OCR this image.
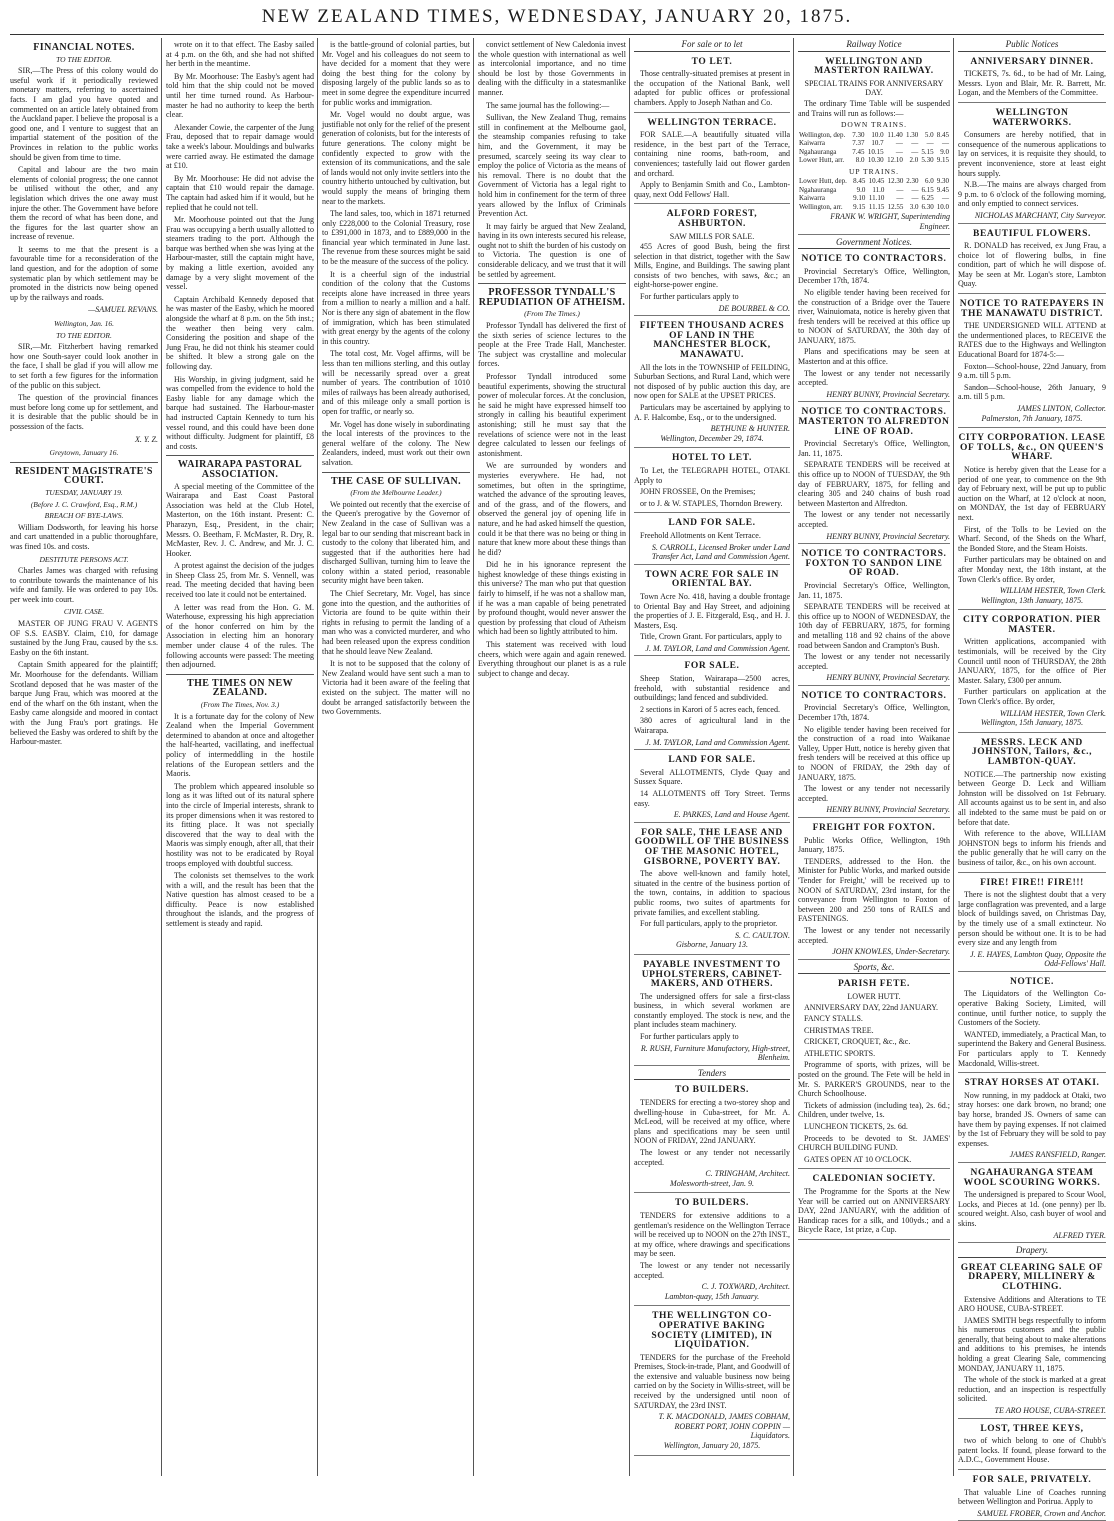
NEW ZEALAND TIMES, WEDNESDAY, JANUARY 20, 1875.
FINANCIAL NOTES.
TO THE EDITOR.

SIR,—The Press of this colony would do useful work if it periodically reviewed monetary matters, referring to ascertained facts. I am glad you have quoted and commented on an article lately obtained from the Auckland paper. I believe the proposal is a good one, and I venture to suggest that an impartial statement of the position of the Provinces in relation to the public works should be given from time to time.

Capital and labour are the two main elements of colonial progress; the one cannot be utilised without the other, and any legislation which drives the one away must injure the other. The Government have before them the record of what has been done, and the figures for the last quarter show an increase of revenue.

It seems to me that the present is a favourable time for a reconsideration of the land question, and for the adoption of some systematic plan by which settlement may be promoted in the districts now being opened up by the railways and roads.

—SAMUEL REVANS.
Wellington, Jan. 16.
TO THE EDITOR.

SIR,—Mr. Fitzherbert having remarked how one South-sayer could look another in the face, I shall be glad if you will allow me to set forth a few figures for the information of the public on this subject.

The question of the provincial finances must before long come up for settlement, and it is desirable that the public should be in possession of the facts.

X. Y. Z.
Greytown, January 16.
RESIDENT MAGISTRATE'S COURT.
TUESDAY, JANUARY 19.
(Before J. C. Crawford, Esq., R.M.)
BREACH OF BYE-LAWS.

William Dodsworth, for leaving his horse and cart unattended in a public thoroughfare, was fined 10s. and costs.

DESTITUTE PERSONS ACT.

Charles James was charged with refusing to contribute towards the maintenance of his wife and family. He was ordered to pay 10s. per week into court.

CIVIL CASE.

MASTER OF JUNG FRAU V. AGENTS OF S.S. EASBY. Claim, £10, for damage sustained by the Jung Frau, caused by the s.s. Easby on the 6th instant.

Captain Smith appeared for the plaintiff; Mr. Moorhouse for the defendants. William Scotland deposed that he was master of the barque Jung Frau, which was moored at the end of the wharf on the 6th instant, when the Easby came alongside and moored in contact with the Jung Frau's port gratings. He believed the Easby was ordered to shift by the Harbour-master.

wrote on it to that effect. The Easby sailed at 4 p.m. on the 6th, and she had not shifted her berth in the meantime.

By Mr. Moorhouse: The Easby's agent had told him that the ship could not be moved until her time turned round. As Harbour-master he had no authority to keep the berth clear.

Alexander Cowie, the carpenter of the Jung Frau, deposed that to repair damage would take a week's labour. Mouldings and bulwarks were carried away. He estimated the damage at £10.

By Mr. Moorhouse: He did not advise the captain that £10 would repair the damage. The captain had asked him if it would, but he replied that he could not tell.

Mr. Moorhouse pointed out that the Jung Frau was occupying a berth usually allotted to steamers trading to the port. Although the barque was berthed when she was lying at the Harbour-master, still the captain might have, by making a little exertion, avoided any damage by a very slight movement of the vessel.

Captain Archibald Kennedy deposed that he was master of the Easby, which he moored alongside the wharf at 8 p.m. on the 5th inst.; the weather then being very calm. Considering the position and shape of the Jung Frau, he did not think his steamer could be shifted. It blew a strong gale on the following day.

His Worship, in giving judgment, said he was compelled from the evidence to hold the Easby liable for any damage which the barque had sustained. The Harbour-master had instructed Captain Kennedy to turn his vessel round, and this could have been done without difficulty. Judgment for plaintiff, £8 and costs.

WAIRARAPA PASTORAL ASSOCIATION.

A special meeting of the Committee of the Wairarapa and East Coast Pastoral Association was held at the Club Hotel, Masterton, on the 16th instant. Present: C. Pharazyn, Esq., President, in the chair; Messrs. O. Beetham, F. McMaster, R. Dry, R. McMaster, Rev. J. C. Andrew, and Mr. J. C. Hooker.

A protest against the decision of the judges in Sheep Class 25, from Mr. S. Vennell, was read. The meeting decided that having been received too late it could not be entertained.

A letter was read from the Hon. G. M. Waterhouse, expressing his high appreciation of the honor conferred on him by the Association in electing him an honorary member under clause 4 of the rules. The following accounts were passed: The meeting then adjourned.

THE TIMES ON NEW ZEALAND.
(From The Times, Nov. 3.)

It is a fortunate day for the colony of New Zealand when the Imperial Government determined to abandon at once and altogether the half-hearted, vacillating, and ineffectual policy of intermeddling in the hostile relations of the European settlers and the Maoris.

The problem which appeared insoluble so long as it was lifted out of its natural sphere into the circle of Imperial interests, shrank to its proper dimensions when it was restored to its fitting place. It was not specially discovered that the way to deal with the Maoris was simply enough, after all, that their hostility was not to be eradicated by Royal troops employed with doubtful success.

The colonists set themselves to the work with a will, and the result has been that the Native question has almost ceased to be a difficulty. Peace is now established throughout the islands, and the progress of settlement is steady and rapid.

is the battle-ground of colonial parties, but Mr. Vogel and his colleagues do not seem to have decided for a moment that they were doing the best thing for the colony by disposing largely of the public lands so as to meet in some degree the expenditure incurred for public works and immigration.

Mr. Vogel would no doubt argue, was justifiable not only for the relief of the present generation of colonists, but for the interests of future generations. The colony might be confidently expected to grow with the extension of its communications, and the sale of lands would not only invite settlers into the country hitherto untouched by cultivation, but would supply the means of bringing them near to the markets.

The land sales, too, which in 1871 returned only £228,000 to the Colonial Treasury, rose to £391,000 in 1873, and to £889,000 in the financial year which terminated in June last. The revenue from these sources might be said to be the measure of the success of the policy.

It is a cheerful sign of the industrial condition of the colony that the Customs receipts alone have increased in three years from a million to nearly a million and a half. Nor is there any sign of abatement in the flow of immigration, which has been stimulated with great energy by the agents of the colony in this country.

The total cost, Mr. Vogel affirms, will be less than ten millions sterling, and this outlay will be necessarily spread over a great number of years. The contribution of 1010 miles of railways has been already authorised, and of this mileage only a small portion is open for traffic, or nearly so.

Mr. Vogel has done wisely in subordinating the local interests of the provinces to the general welfare of the colony. The New Zealanders, indeed, must work out their own salvation.

THE CASE OF SULLIVAN.
(From the Melbourne Leader.)

We pointed out recently that the exercise of the Queen's prerogative by the Governor of New Zealand in the case of Sullivan was a legal bar to our sending that miscreant back in custody to the colony that liberated him, and suggested that if the authorities here had discharged Sullivan, turning him to leave the colony within a stated period, reasonable security might have been taken.

The Chief Secretary, Mr. Vogel, has since gone into the question, and the authorities of Victoria are found to be quite within their rights in refusing to permit the landing of a man who was a convicted murderer, and who had been released upon the express condition that he should leave New Zealand.

It is not to be supposed that the colony of New Zealand would have sent such a man to Victoria had it been aware of the feeling that existed on the subject. The matter will no doubt be arranged satisfactorily between the two Governments.

convict settlement of New Caledonia invest the whole question with international as well as intercolonial importance, and no time should be lost by those Governments in dealing with the difficulty in a statesmanlike manner.

The same journal has the following:—

Sullivan, the New Zealand Thug, remains still in confinement at the Melbourne gaol, the steamship companies refusing to take him, and the Government, it may be presumed, scarcely seeing its way clear to employ the police of Victoria as the means of his removal. There is no doubt that the Government of Victoria has a legal right to hold him in confinement for the term of three years allowed by the Influx of Criminals Prevention Act.

It may fairly be argued that New Zealand, having in its own interests secured his release, ought not to shift the burden of his custody on to Victoria. The question is one of considerable delicacy, and we trust that it will be settled by agreement.

PROFESSOR TYNDALL'S REPUDIATION OF ATHEISM.
(From The Times.)

Professor Tyndall has delivered the first of the sixth series of science lectures to the people at the Free Trade Hall, Manchester. The subject was crystalline and molecular forces.

Professor Tyndall introduced some beautiful experiments, showing the structural power of molecular forces. At the conclusion, he said he might have expressed himself too strongly in calling his beautiful experiment astonishing; still he must say that the revelations of science were not in the least degree calculated to lessen our feelings of astonishment.

We are surrounded by wonders and mysteries everywhere. He had, not sometimes, but often in the springtime, watched the advance of the sprouting leaves, and of the grass, and of the flowers, and observed the general joy of opening life in nature, and he had asked himself the question, could it be that there was no being or thing in nature that knew more about these things than he did?

Did he in his ignorance represent the highest knowledge of these things existing in this universe? The man who put that question fairly to himself, if he was not a shallow man, if he was a man capable of being penetrated by profound thought, would never answer the question by professing that cloud of Atheism which had been so lightly attributed to him.

This statement was received with loud cheers, which were again and again renewed. Everything throughout our planet is as a rule subject to change and decay.

For sale or to let
TO LET.

Those centrally-situated premises at present in the occupation of the National Bank, well adapted for public offices or professional chambers. Apply to Joseph Nathan and Co.

WELLINGTON TERRACE.

FOR SALE.—A beautifully situated villa residence, in the best part of the Terrace, containing nine rooms, bath-room, and conveniences; tastefully laid out flower garden and orchard.

Apply to Benjamin Smith and Co., Lambton-quay, next Odd Fellows' Hall.

ALFORD FOREST, ASHBURTON.
SAW MILLS FOR SALE.

455 Acres of good Bush, being the first selection in that district, together with the Saw Mills, Engine, and Buildings. The sawing plant consists of two benches, with saws, &c.; an eight-horse-power engine.

For further particulars apply to

DE BOURBEL & CO.
FIFTEEN THOUSAND ACRES OF LAND IN THE MANCHESTER BLOCK, MANAWATU.

All the lots in the TOWNSHIP of FEILDING, Suburban Sections, and Rural Land, which were not disposed of by public auction this day, are now open for SALE at the UPSET PRICES.

Particulars may be ascertained by applying to A. F. Halcombe, Esq., or to the undersigned.

BETHUNE & HUNTER.
Wellington, December 29, 1874.
HOTEL TO LET.

To Let, the TELEGRAPH HOTEL, OTAKI. Apply to

JOHN FROSSEE, On the Premises;

or to J. & W. STAPLES, Thorndon Brewery.

LAND FOR SALE.

Freehold Allotments on Kent Terrace.

S. CARROLL, Licensed Broker under Land Transfer Act, Land and Commission Agent.
TOWN ACRE FOR SALE IN ORIENTAL BAY.

Town Acre No. 418, having a double frontage to Oriental Bay and Hay Street, and adjoining the properties of J. E. Fitzgerald, Esq., and H. J. Masters, Esq.

Title, Crown Grant. For particulars, apply to

J. M. TAYLOR, Land and Commission Agent.
FOR SALE.

Sheep Station, Wairarapa—2500 acres, freehold, with substantial residence and outbuildings; land fenced and subdivided.

2 sections in Karori of 5 acres each, fenced.

380 acres of agricultural land in the Wairarapa.

J. M. TAYLOR, Land and Commission Agent.
LAND FOR SALE.

Several ALLOTMENTS, Clyde Quay and Sussex Square.

14 ALLOTMENTS off Tory Street. Terms easy.

E. PARKES, Land and House Agent.
FOR SALE, THE LEASE AND GOODWILL OF THE BUSINESS OF THE MASONIC HOTEL, GISBORNE, POVERTY BAY.

The above well-known and family hotel, situated in the centre of the business portion of the town, contains, in addition to spacious public rooms, two suites of apartments for private families, and excellent stabling.

For full particulars, apply to the proprietor.

S. C. CAULTON.
Gisborne, January 13.
PAYABLE INVESTMENT TO UPHOLSTERERS, CABINET-MAKERS, AND OTHERS.

The undersigned offers for sale a first-class business, in which several workmen are constantly employed. The stock is new, and the plant includes steam machinery.

For further particulars apply to

R. RUSH, Furniture Manufactory, High-street, Blenheim.
Tenders
TO BUILDERS.

TENDERS for erecting a two-storey shop and dwelling-house in Cuba-street, for Mr. A. McLeod, will be received at my office, where plans and specifications may be seen until NOON of FRIDAY, 22nd JANUARY.

The lowest or any tender not necessarily accepted.

C. TRINGHAM, Architect.
Molesworth-street, Jan. 9.
TO BUILDERS.

TENDERS for extensive additions to a gentleman's residence on the Wellington Terrace will be received up to NOON on the 27th INST., at my office, where drawings and specifications may be seen.

The lowest or any tender not necessarily accepted.

C. J. TOXWARD, Architect.
Lambton-quay, 15th January.
THE WELLINGTON CO-OPERATIVE BAKING SOCIETY (LIMITED), IN LIQUIDATION.

TENDERS for the purchase of the Freehold Premises, Stock-in-trade, Plant, and Goodwill of the extensive and valuable business now being carried on by the Society in Willis-street, will be received by the undersigned until noon of SATURDAY, the 23rd INST.

T. K. MACDONALD, JAMES COBHAM, ROBERT PORT, JOHN COPPIN — Liquidators.
Wellington, January 20, 1875.
Railway Notice
WELLINGTON AND MASTERTON RAILWAY.
SPECIAL TRAINS FOR ANNIVERSARY DAY.

The ordinary Time Table will be suspended and Trains will run as follows:—

DOWN TRAINS.
Wellington, dep.	7.30	10.0	11.40	1.30	5.0	8.45
Kaiwarra	7.37	10.7	—	—	—	—
Ngahauranga	7.45	10.15	—	—	5.15	9.0
Lower Hutt, arr.	8.0	10.30	12.10	2.0	5.30	9.15
UP TRAINS.
Lower Hutt, dep.	8.45	10.45	12.30	2.30	6.0	9.30
Ngahauranga	9.0	11.0	—	—	6.15	9.45
Kaiwarra	9.10	11.10	—	—	6.25	—
Wellington, arr.	9.15	11.15	12.55	3.0	6.30	10.0
FRANK W. WRIGHT, Superintending Engineer.
Government Notices.
NOTICE TO CONTRACTORS.

Provincial Secretary's Office, Wellington, December 17th, 1874.

No eligible tender having been received for the construction of a Bridge over the Tauere river, Wainuiomata, notice is hereby given that fresh tenders will be received at this office up to NOON of SATURDAY, the 30th day of JANUARY, 1875.

Plans and specifications may be seen at Masterton and at this office.

The lowest or any tender not necessarily accepted.

HENRY BUNNY, Provincial Secretary.
NOTICE TO CONTRACTORS. MASTERTON TO ALFREDTON LINE OF ROAD.

Provincial Secretary's Office, Wellington, Jan. 11, 1875.

SEPARATE TENDERS will be received at this office up to NOON of TUESDAY, the 9th day of FEBRUARY, 1875, for felling and clearing 305 and 240 chains of bush road between Masterton and Alfredton.

The lowest or any tender not necessarily accepted.

HENRY BUNNY, Provincial Secretary.
NOTICE TO CONTRACTORS. FOXTON TO SANDON LINE OF ROAD.

Provincial Secretary's Office, Wellington, Jan. 11, 1875.

SEPARATE TENDERS will be received at this office up to NOON of WEDNESDAY, the 10th day of FEBRUARY, 1875, for forming and metalling 118 and 92 chains of the above road between Sandon and Crampton's Bush.

The lowest or any tender not necessarily accepted.

HENRY BUNNY, Provincial Secretary.
NOTICE TO CONTRACTORS.

Provincial Secretary's Office, Wellington, December 17th, 1874.

No eligible tender having been received for the construction of a road into Waikanae Valley, Upper Hutt, notice is hereby given that fresh tenders will be received at this office up to NOON of FRIDAY, the 29th day of JANUARY, 1875.

The lowest or any tender not necessarily accepted.

HENRY BUNNY, Provincial Secretary.
FREIGHT FOR FOXTON.

Public Works Office, Wellington, 19th January, 1875.

TENDERS, addressed to the Hon. the Minister for Public Works, and marked outside 'Tender for Freight,' will be received up to NOON of SATURDAY, 23rd instant, for the conveyance from Wellington to Foxton of between 200 and 250 tons of RAILS and FASTENINGS.

The lowest or any tender not necessarily accepted.

JOHN KNOWLES, Under-Secretary.
Sports, &c.
PARISH FETE.
LOWER HUTT.

ANNIVERSARY DAY, 22nd JANUARY.

FANCY STALLS.

CHRISTMAS TREE.

CRICKET, CROQUET, &c., &c.

ATHLETIC SPORTS.

Programme of sports, with prizes, will be posted on the ground. The Fete will be held in Mr. S. PARKER'S GROUNDS, near to the Church Schoolhouse.

Tickets of admission (including tea), 2s. 6d.; Children, under twelve, 1s.

LUNCHEON TICKETS, 2s. 6d.

Proceeds to be devoted to St. JAMES' CHURCH BUILDING FUND.

GATES OPEN AT 10 O'CLOCK.

CALEDONIAN SOCIETY.

The Programme for the Sports at the New Year will be carried out on ANNIVERSARY DAY, 22nd JANUARY, with the addition of Handicap races for a silk, and 100yds.; and a Bicycle Race, 1st prize, a Cup.

Public Notices
ANNIVERSARY DINNER.

TICKETS, 7s. 6d., to be had of Mr. Laing, Messrs. Lyon and Blair, Mr. R. Barrett, Mr. Logan, and the Members of the Committee.

WELLINGTON WATERWORKS.

Consumers are hereby notified, that in consequence of the numerous applications to lay on services, it is requisite they should, to prevent inconvenience, store at least eight hours supply.

N.B.—The mains are always charged from 9 p.m. to 6 o'clock of the following morning, and only emptied to connect services.

NICHOLAS MARCHANT, City Surveyor.
BEAUTIFUL FLOWERS.

R. DONALD has received, ex Jung Frau, a choice lot of flowering bulbs, in fine condition, part of which he will dispose of. May be seen at Mr. Logan's store, Lambton Quay.

NOTICE TO RATEPAYERS IN THE MANAWATU DISTRICT.

THE UNDERSIGNED WILL ATTEND at the undermentioned places, to RECEIVE the RATES due to the Highways and Wellington Educational Board for 1874-5:—

Foxton—School-house, 22nd January, from 9 a.m. till 5 p.m.

Sandon—School-house, 26th January, 9 a.m. till 5 p.m.

JAMES LINTON, Collector.
Palmerston, 7th January, 1875.
CITY CORPORATION. LEASE OF TOLLS, &c., ON QUEEN'S WHARF.

Notice is hereby given that the Lease for a period of one year, to commence on the 9th day of February next, will be put up to public auction on the Wharf, at 12 o'clock at noon, on MONDAY, the 1st day of FEBRUARY next.

First, of the Tolls to be Levied on the Wharf. Second, of the Sheds on the Wharf, the Bonded Store, and the Steam Hoists.

Further particulars may be obtained on and after Monday next, the 18th instant, at the Town Clerk's office. By order,

WILLIAM HESTER, Town Clerk.
Wellington, 13th January, 1875.
CITY CORPORATION. PIER MASTER.

Written applications, accompanied with testimonials, will be received by the City Council until noon of THURSDAY, the 28th JANUARY, 1875, for the office of Pier Master. Salary, £300 per annum.

Further particulars on application at the Town Clerk's office. By order,

WILLIAM HESTER, Town Clerk.
Wellington, 15th January, 1875.
MESSRS. LECK AND JOHNSTON, Tailors, &c., LAMBTON-QUAY.

NOTICE.—The partnership now existing between George D. Leck and William Johnston will be dissolved on 1st February. All accounts against us to be sent in, and also all indebted to the same must be paid on or before that date.

With reference to the above, WILLIAM JOHNSTON begs to inform his friends and the public generally that he will carry on the business of tailor, &c., on his own account.

FIRE! FIRE!! FIRE!!!

There is not the slightest doubt that a very large conflagration was prevented, and a large block of buildings saved, on Christmas Day, by the timely use of a small extincteur. No person should be without one. It is to be had every size and any length from

J. E. HAYES, Lambton Quay, Opposite the Odd-Fellows' Hall.
NOTICE.

The Liquidators of the Wellington Co-operative Baking Society, Limited, will continue, until further notice, to supply the Customers of the Society.

WANTED, immediately, a Practical Man, to superintend the Bakery and General Business. For particulars apply to T. Kennedy Macdonald, Willis-street.

STRAY HORSES AT OTAKI.

Now running, in my paddock at Otaki, two stray horses: one dark brown, no brand; one bay horse, branded JS. Owners of same can have them by paying expenses. If not claimed by the 1st of February they will be sold to pay expenses.

JAMES RANSFIELD, Ranger.
NGAHAURANGA STEAM WOOL SCOURING WORKS.

The undersigned is prepared to Scour Wool, Locks, and Pieces at 1d. (one penny) per lb. scoured weight. Also, cash buyer of wool and skins.

ALFRED TYER.
Drapery.
GREAT CLEARING SALE OF DRAPERY, MILLINERY & CLOTHING.

Extensive Additions and Alterations to TE ARO HOUSE, CUBA-STREET.

JAMES SMITH begs respectfully to inform his numerous customers and the public generally, that being about to make alterations and additions to his premises, he intends holding a great Clearing Sale, commencing MONDAY, JANUARY 11, 1875.

The whole of the stock is marked at a great reduction, and an inspection is respectfully solicited.

TE ARO HOUSE, CUBA-STREET.
LOST, THREE KEYS,

two of which belong to one of Chubb's patent locks. If found, please forward to the A.D.C., Government House.

FOR SALE, PRIVATELY.

That valuable Line of Coaches running between Wellington and Porirua. Apply to

SAMUEL FROBER, Crown and Anchor.
